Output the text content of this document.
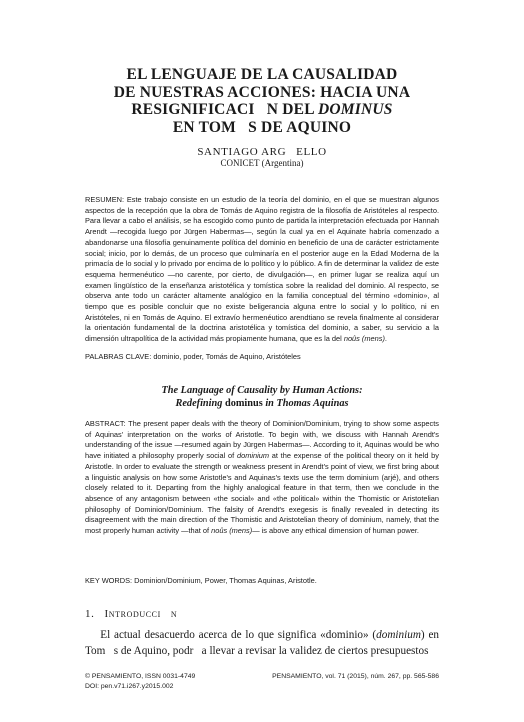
EL LENGUAJE DE LA CAUSALIDAD
DE NUESTRAS ACCIONES: HACIA UNA
RESIGNIFICACI   N DEL DOMINUS
EN TOM   S DE AQUINO
SANTIAGO ARG   ELLO
CONICET (Argentina)
RESUMEN: Este trabajo consiste en un estudio de la teoría del dominio, en el que se muestran algunos aspectos de la recepción que la obra de Tomás de Aquino registra de la filosofía de Aristóteles al respecto. Para llevar a cabo el análisis, se ha escogido como punto de partida la interpretación efectuada por Hannah Arendt —recogida luego por Jürgen Habermas—, según la cual ya en el Aquinate habría comenzado a abandonarse una filosofía genuinamente política del dominio en beneficio de una de carácter estrictamente social; inicio, por lo demás, de un proceso que culminaría en el posterior auge en la Edad Moderna de la primacía de lo social y lo privado por encima de lo político y lo público. A fin de determinar la validez de este esquema hermenéutico —no carente, por cierto, de divulgación—, en primer lugar se realiza aquí un examen lingüístico de la enseñanza aristotélica y tomística sobre la realidad del dominio. Al respecto, se observa ante todo un carácter altamente analógico en la familia conceptual del término «dominio», al tiempo que es posible concluir que no existe beligerancia alguna entre lo social y lo político, ni en Aristóteles, ni en Tomás de Aquino. El extravío hermenéutico arendtiano se revela finalmente al considerar la orientación fundamental de la doctrina aristotélica y tomística del dominio, a saber, su servicio a la dimensión ultrapolítica de la actividad más propiamente humana, que es la del noûs (mens).
PALABRAS CLAVE: dominio, poder, Tomás de Aquino, Aristóteles
The Language of Causality by Human Actions:
Redefining dominus in Thomas Aquinas
ABSTRACT: The present paper deals with the theory of Dominion/Dominium, trying to show some aspects of Aquinas' interpretation on the works of Aristotle. To begin with, we discuss with Hannah Arendt's understanding of the issue —resumed again by Jürgen Habermas—. According to it, Aquinas would be who have initiated a philosophy properly social of dominium at the expense of the political theory on it held by Aristotle. In order to evaluate the strength or weakness present in Arendt's point of view, we first bring about a linguistic analysis on how some Aristotle's and Aquinas's texts use the term dominium (arjé), and others closely related to it. Departing from the highly analogical feature in that term, then we conclude in the absence of any antagonism between «the social» and «the political» within the Thomistic or Aristotelian philosophy of Dominion/Dominium. The falsity of Arendt's exegesis is finally revealed in detecting its disagreement with the main direction of the Thomistic and Aristotelian theory of dominium, namely, that the most properly human activity —that of noûs (mens)— is above any ethical dimension of human power.
KEY WORDS: Dominion/Dominium, Power, Thomas Aquinas, Aristotle.
1. Introducci   n
El actual desacuerdo acerca de lo que significa «dominio» (dominium) en Tom   s de Aquino, podr   a llevar a revisar la validez de ciertos presupuestos
© PENSAMIENTO, ISSN 0031-4749
DOI: pen.v71.i267.y2015.002
PENSAMIENTO, vol. 71 (2015), núm. 267, pp. 565-586
